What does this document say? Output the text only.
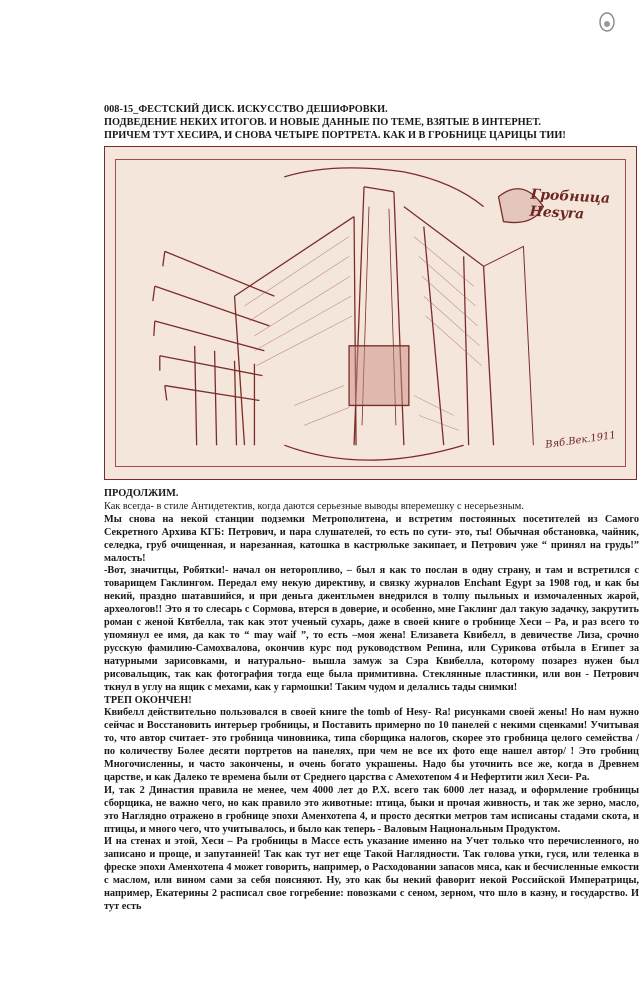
008-15_ФЕСТСКИЙ ДИСК. ИСКУССТВО ДЕШИФРОВКИ.
ПОДВЕДЕНИЕ НЕКИХ ИТОГОВ. И НОВЫЕ ДАННЫЕ ПО ТЕМЕ, ВЗЯТЫЕ В ИНТЕРНЕТ.
ПРИЧЕМ ТУТ ХЕСИРА, И СНОВА ЧЕТЫРЕ ПОРТРЕТА. КАК И В ГРОБНИЦЕ ЦАРИЦЫ ТИИ!
Гробница
Hesyra
Вяб.Век.1911

ПРОДОЛЖИМ.

Как всегда- в стиле Антидетектив, когда даются серьезные выводы вперемешку с несерьезным.

Мы снова на некой станции подземки Метрополитена, и встретим постоянных посетителей из Самого Секретного Архива КГБ: Петрович, и пара слушателей, то есть по сути- это, ты! Обычная обстановка, чайник, селедка, груб очищенная, и нарезанная, катошка в кастрюльке закипает, и Петрович уже “ принял на грудь!” малость!

-Вот, значитцы, Робятки!- начал он неторопливо, – был я как то послан в одну страну, и там и встретился с товарищем Гаклингом. Передал ему некую директиву, и связку журналов Enchant Egypt за 1908 год, и как бы некий, праздно шатавшийся, и при деньга джентльмен внедрился в толпу пыльных и измочаленных жарой, археологов!! Это я то слесарь с Сормова, втерся в доверие, и особенно, мне Гаклинг дал такую задачку, закрутить роман с женой Квтбелла, так как этот ученый сухарь, даже в своей книге о гробнице Хеси – Ра, и раз всего то упомянул ее имя, да как то “ may waif ”, то есть –моя жена! Елизавета Квибелл, в девичестве Лиза, срочно русскую фамилию-Самохвалова, окончив курс под руководством Репина, или Сурикова отбыла в Египет за натурными зарисовками, и натурально- вышла замуж за Сэра Квибелла, которому позарез нужен был рисовальщик, так как фотография тогда еще была примитивна. Стеклянные пластинки, или вон - Петрович ткнул в углу на ящик с мехами, как у гармошки! Таким чудом и делались тады снимки!

ТРЕП ОКОНЧЕН!

Квибелл действительно пользовался в своей книге the tomb of Hesy- Ra! рисунками своей жены! Но нам нужно сейчас и Восстановить интерьер гробницы, и Поставить примерно по 10 панелей с некими сценками! Учитывая то, что автор считает- это гробница чиновника, типа сборщика налогов, скорее это гробница целого семейства / по количеству Более десяти портретов на панелях, при чем не все их фото еще нашел автор/ ! Это гробниц Многочисленны, и часто закончены, и очень богато украшены. Надо бы уточнить все же, когда в Древнем царстве, и как Далеко те времена были от Среднего царства с Амехотепом 4 и Нефертити жил Хеси- Ра.

И, так 2 Династия правила не менее, чем 4000 лет до Р.Х. всего так 6000 лет назад, и оформление гробницы сборщика, не важно чего, но как правило это животные: птица, быки и прочая живность, и так же зерно, масло, это Наглядно отражено в гробнице эпохи Аменхотепа 4, и просто десятки метров там исписаны стадами скота, и птицы, и много чего, что учитывалось, и было как теперь - Валовым Национальным Продуктом.

И на стенах и этой, Хеси – Ра гробницы в Массе есть указание именно на Учет только что перечисленного, но записано и проще, и запутанней! Так как тут нет еще Такой Наглядности. Так голова утки, гуся, или теленка в фреске эпохи Аменхотепа 4 может говорить, например, о Расходовании запасов мяса, как и бесчисленные емкости с маслом, или вином сами за себя поясняют. Ну, это как бы некий фаворит некой Российской Императрицы, например, Екатерины 2 расписал свое гогребение: повозками с сеном, зерном, что шло в казну, и государство. И тут есть
